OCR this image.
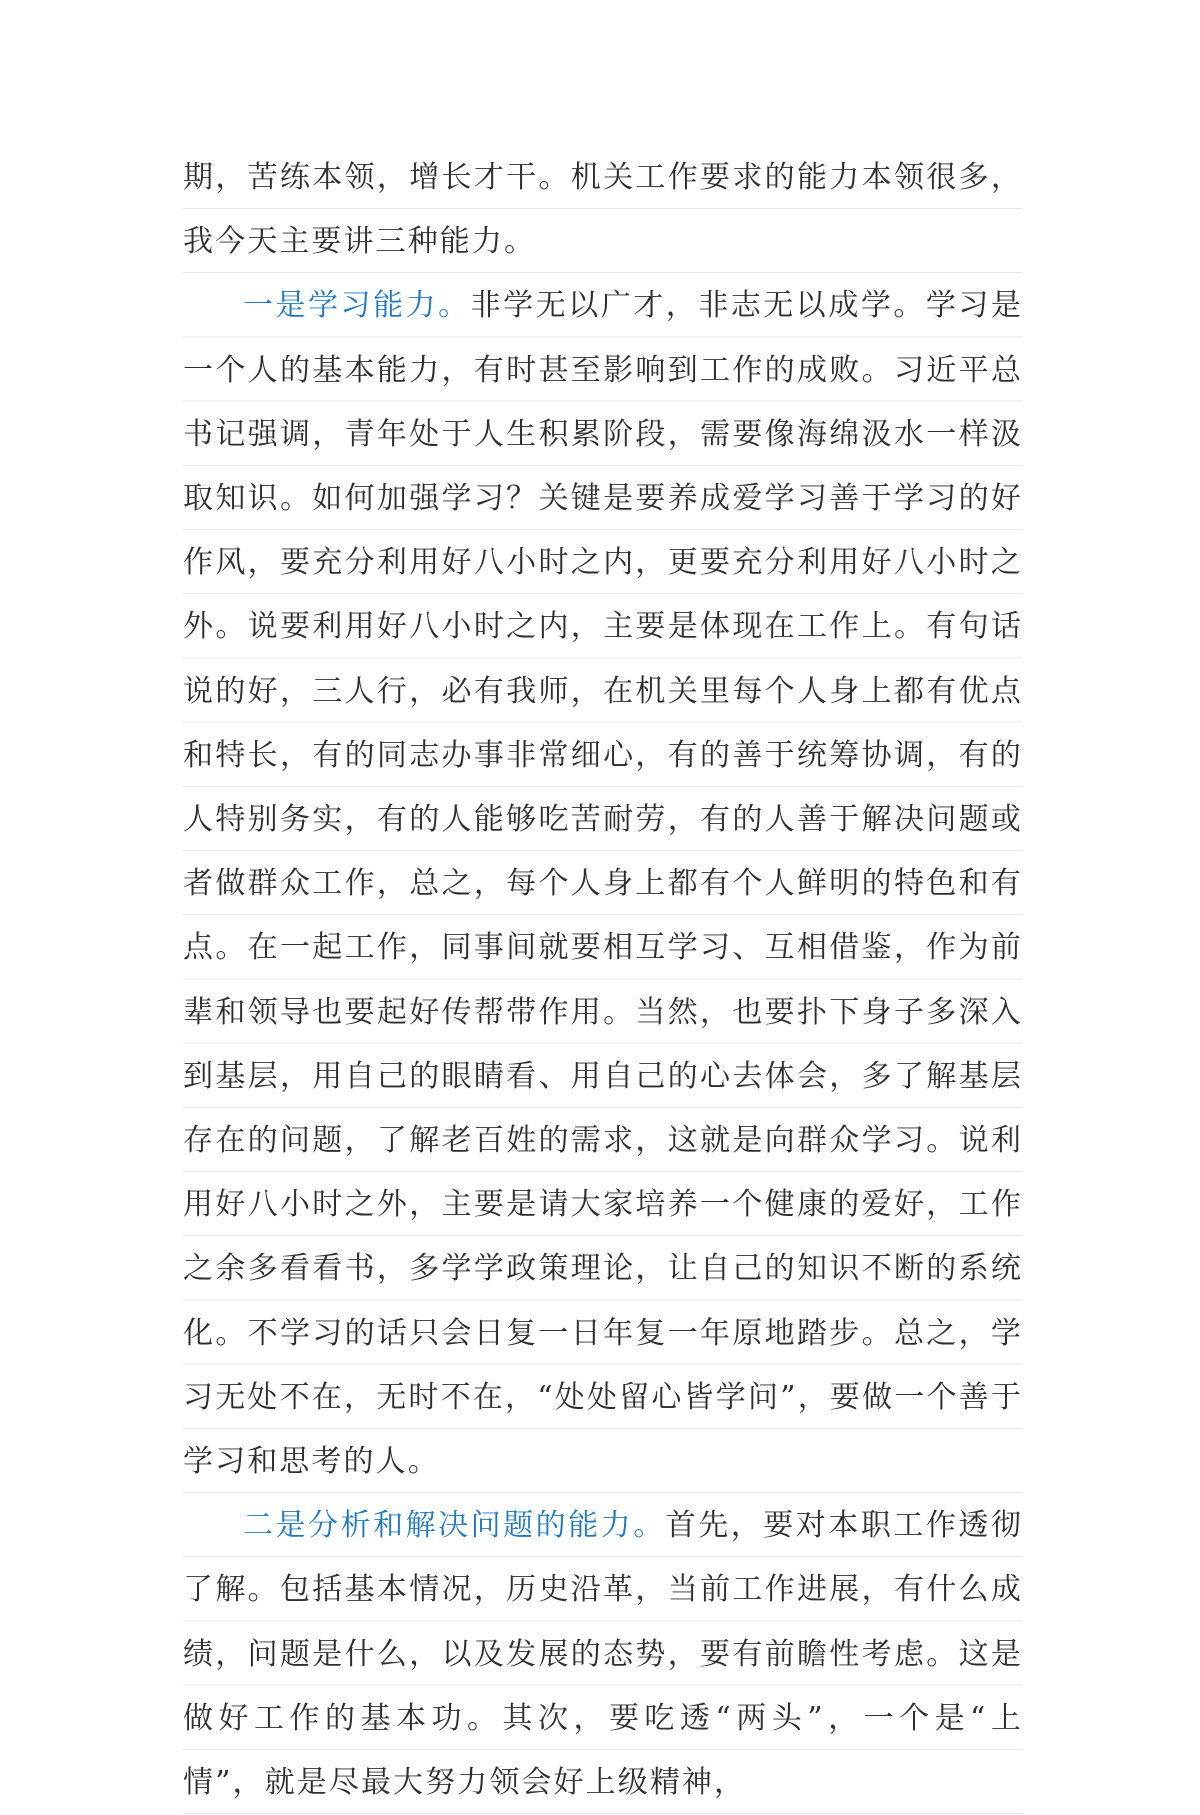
期，苦练本领，增长才干。机关工作要求的能力本领很多，我今天主要讲三种能力。

一是学习能力。非学无以广才，非志无以成学。学习是一个人的基本能力，有时甚至影响到工作的成败。习近平总书记强调，青年处于人生积累阶段，需要像海绵汲水一样汲取知识。如何加强学习？关键是要养成爱学习善于学习的好作风，要充分利用好八小时之内，更要充分利用好八小时之外。说要利用好八小时之内，主要是体现在工作上。有句话说的好，三人行，必有我师，在机关里每个人身上都有优点和特长，有的同志办事非常细心，有的善于统筹协调，有的人特别务实，有的人能够吃苦耐劳，有的人善于解决问题或者做群众工作，总之，每个人身上都有个人鲜明的特色和有点。在一起工作，同事间就要相互学习、互相借鉴，作为前辈和领导也要起好传帮带作用。当然，也要扑下身子多深入到基层，用自己的眼睛看、用自己的心去体会，多了解基层存在的问题，了解老百姓的需求，这就是向群众学习。说利用好八小时之外，主要是请大家培养一个健康的爱好，工作之余多看看书，多学学政策理论，让自己的知识不断的系统化。不学习的话只会日复一日年复一年原地踏步。总之，学习无处不在，无时不在，“处处留心皆学问”，要做一个善于学习和思考的人。

二是分析和解决问题的能力。首先，要对本职工作透彻了解。包括基本情况，历史沿革，当前工作进展，有什么成绩，问题是什么，以及发展的态势，要有前瞻性考虑。这是做好工作的基本功。其次，要吃透“两头”，一个是“上情”，就是尽最大努力领会好上级精神，
